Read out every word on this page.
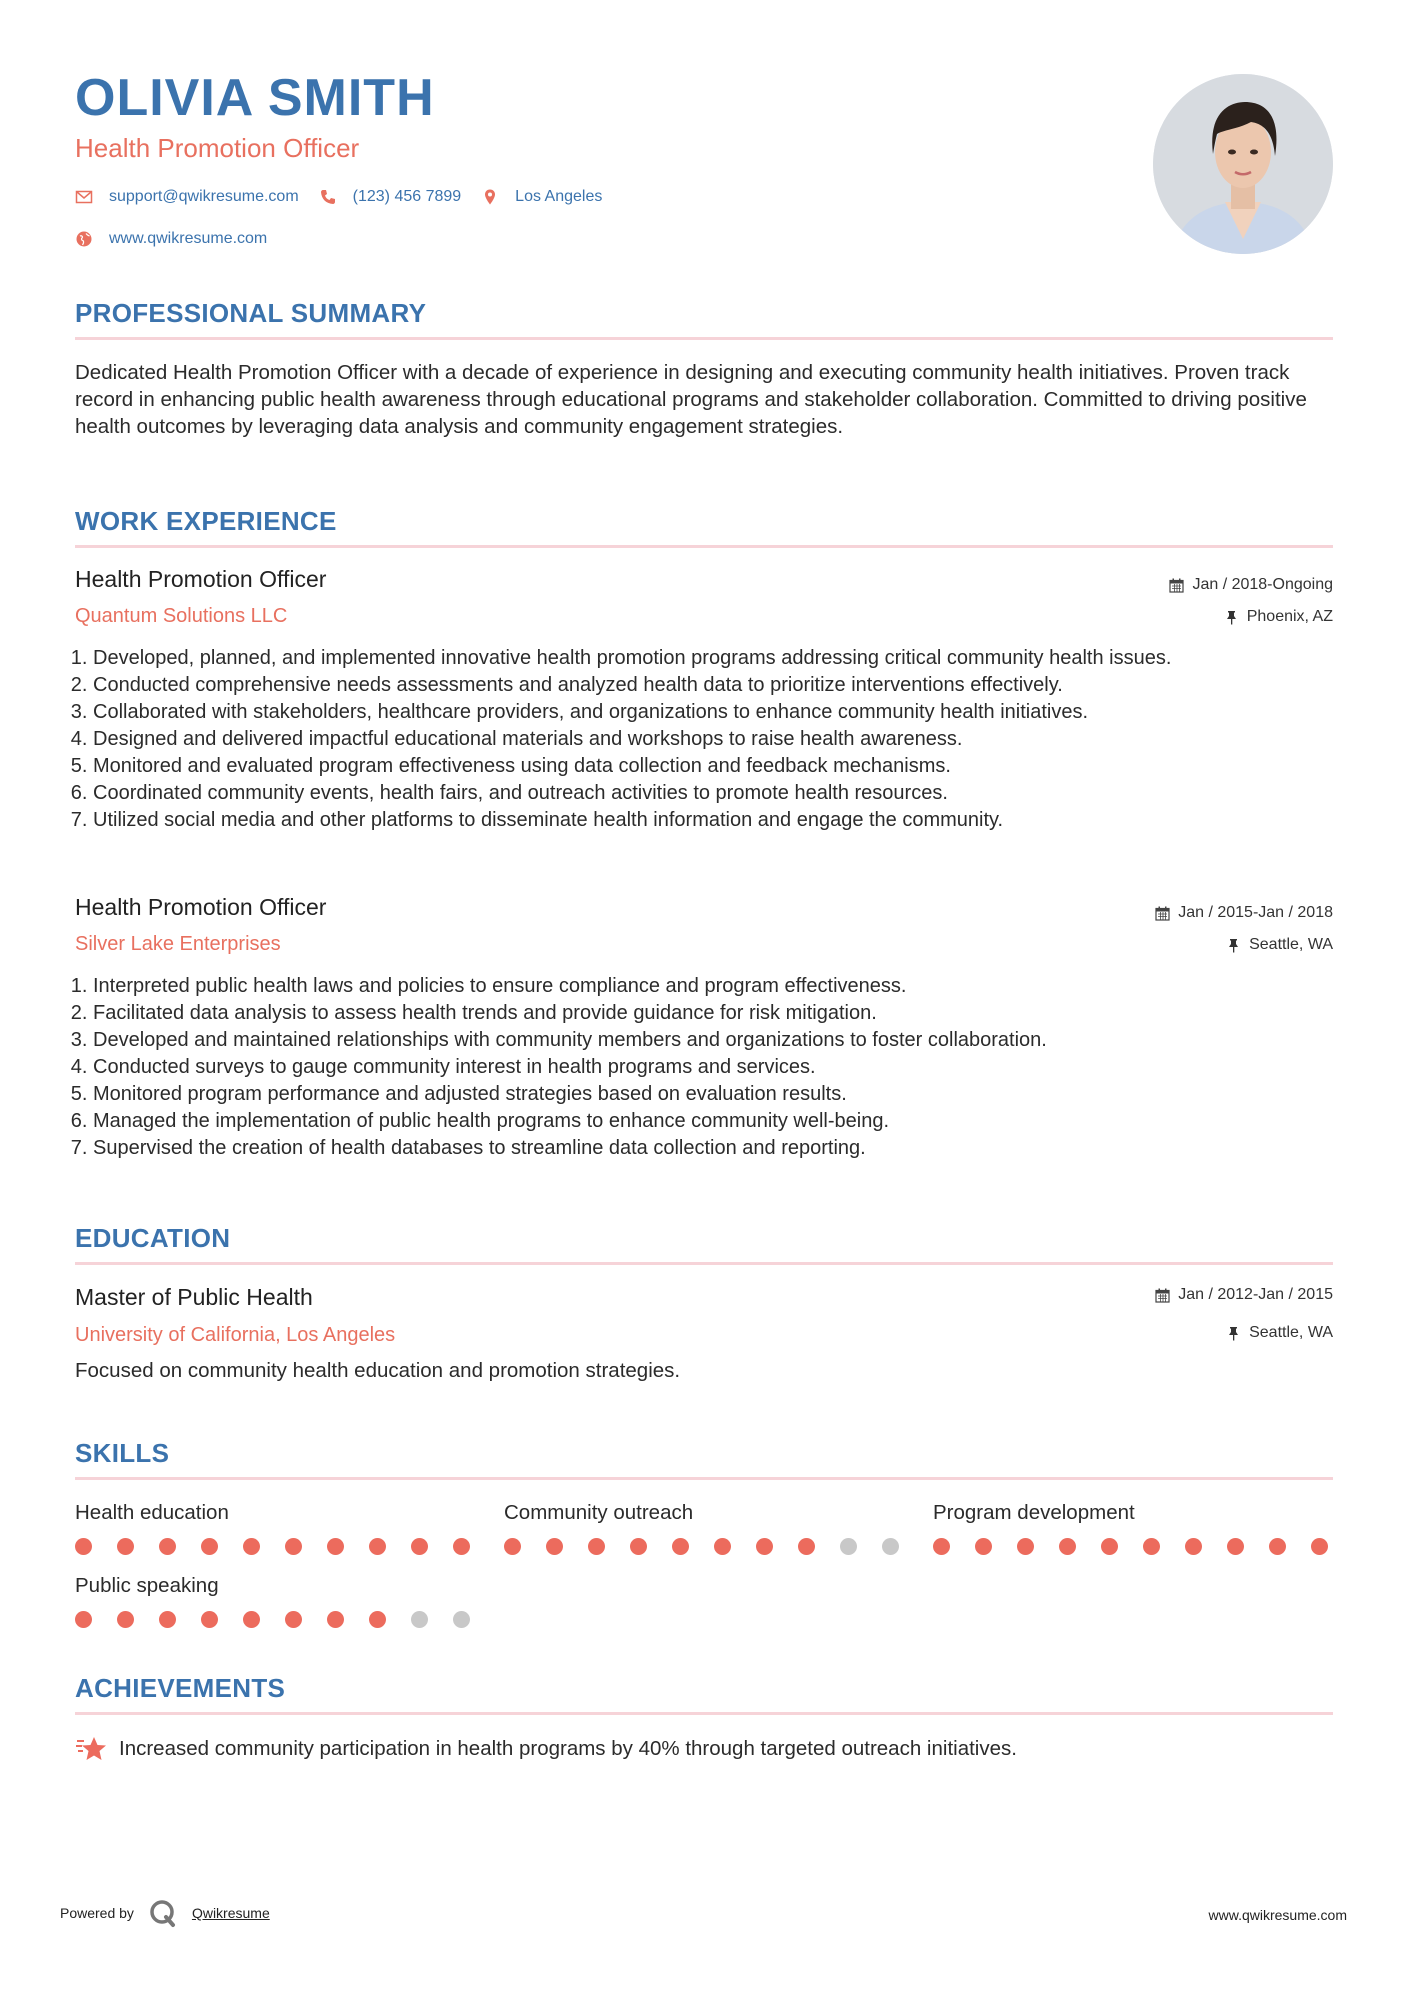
OLIVIA SMITH
Health Promotion Officer
support@qwikresume.com	(123) 456 7899	Los Angeles
www.qwikresume.com
PROFESSIONAL SUMMARY

Dedicated Health Promotion Officer with a decade of experience in designing and executing community health initiatives. Proven track record in enhancing public health awareness through educational programs and stakeholder collaboration. Committed to driving positive health outcomes by leveraging data analysis and community engagement strategies.

WORK EXPERIENCE
Health Promotion Officer	Jan / 2018-Ongoing
Quantum Solutions LLC	Phoenix, AZ
1. Developed, planned, and implemented innovative health promotion programs addressing critical community health issues.
2. Conducted comprehensive needs assessments and analyzed health data to prioritize interventions effectively.
3. Collaborated with stakeholders, healthcare providers, and organizations to enhance community health initiatives.
4. Designed and delivered impactful educational materials and workshops to raise health awareness.
5. Monitored and evaluated program effectiveness using data collection and feedback mechanisms.
6. Coordinated community events, health fairs, and outreach activities to promote health resources.
7. Utilized social media and other platforms to disseminate health information and engage the community.
Health Promotion Officer	Jan / 2015-Jan / 2018
Silver Lake Enterprises	Seattle, WA
1. Interpreted public health laws and policies to ensure compliance and program effectiveness.
2. Facilitated data analysis to assess health trends and provide guidance for risk mitigation.
3. Developed and maintained relationships with community members and organizations to foster collaboration.
4. Conducted surveys to gauge community interest in health programs and services.
5. Monitored program performance and adjusted strategies based on evaluation results.
6. Managed the implementation of public health programs to enhance community well-being.
7. Supervised the creation of health databases to streamline data collection and reporting.
EDUCATION
Master of Public Health	Jan / 2012-Jan / 2015
University of California, Los Angeles	Seattle, WA

Focused on community health education and promotion strategies.

SKILLS
Health education	Community outreach	Program development
Public speaking
ACHIEVEMENTS
Increased community participation in health programs by 40% through targeted outreach initiatives.
Powered by	Qwikresume	www.qwikresume.com
